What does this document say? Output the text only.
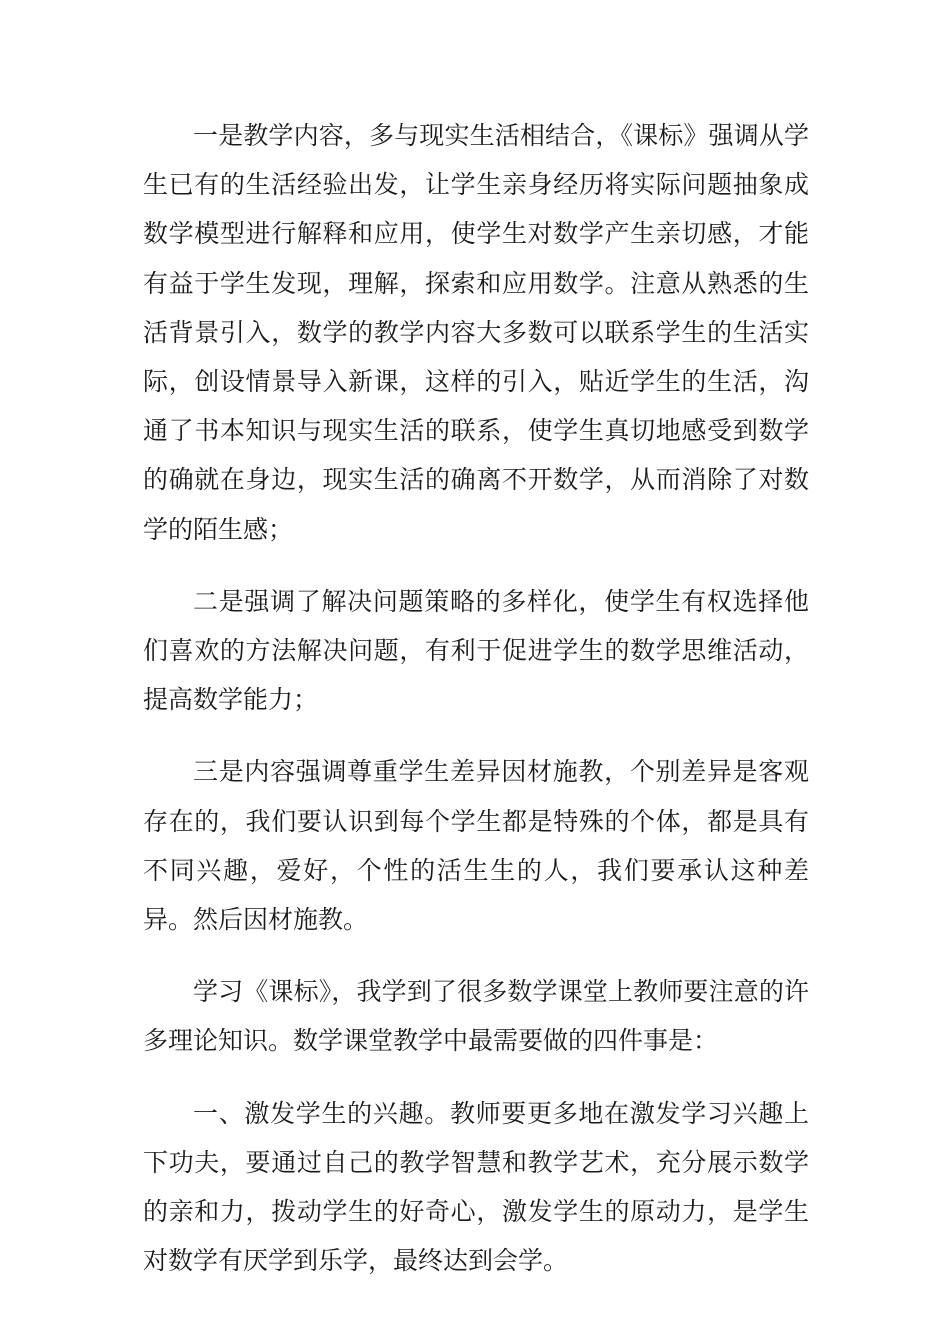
一是教学内容，多与现实生活相结合，《课标》强调从学生已有的生活经验出发，让学生亲身经历将实际问题抽象成数学模型进行解释和应用，使学生对数学产生亲切感，才能有益于学生发现，理解，探索和应用数学。注意从熟悉的生活背景引入，数学的教学内容大多数可以联系学生的生活实际，创设情景导入新课，这样的引入，贴近学生的生活，沟通了书本知识与现实生活的联系，使学生真切地感受到数学的确就在身边，现实生活的确离不开数学，从而消除了对数学的陌生感；

二是强调了解决问题策略的多样化，使学生有权选择他们喜欢的方法解决问题，有利于促进学生的数学思维活动，提高数学能力；

三是内容强调尊重学生差异因材施教，个别差异是客观存在的，我们要认识到每个学生都是特殊的个体，都是具有不同兴趣，爱好，个性的活生生的人，我们要承认这种差异。然后因材施教。

学习《课标》，我学到了很多数学课堂上教师要注意的许多理论知识。数学课堂教学中最需要做的四件事是：

一、激发学生的兴趣。教师要更多地在激发学习兴趣上下功夫，要通过自己的教学智慧和教学艺术，充分展示数学的亲和力，拨动学生的好奇心，激发学生的原动力，是学生对数学有厌学到乐学，最终达到会学。
